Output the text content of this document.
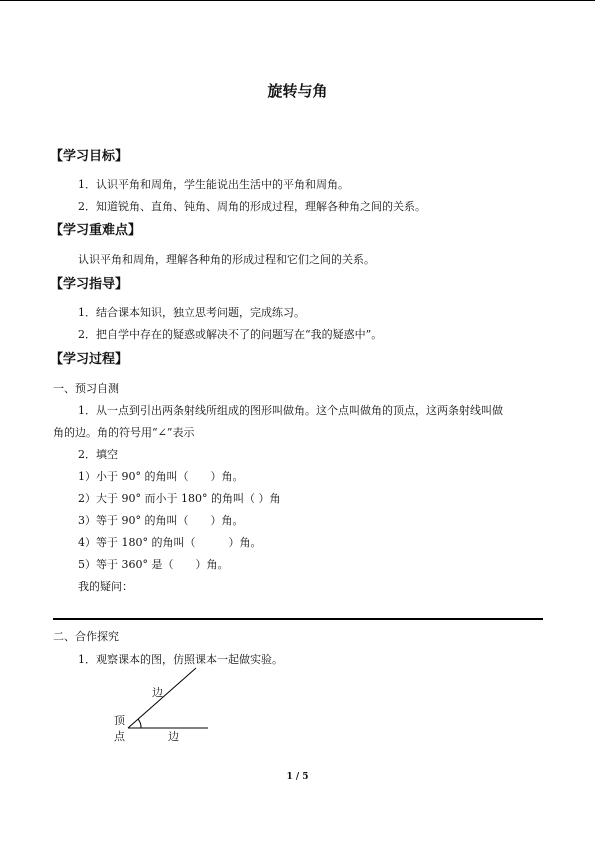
旋转与角
【学习目标】
1．认识平角和周角，学生能说出生活中的平角和周角。
2．知道锐角、直角、钝角、周角的形成过程，理解各种角之间的关系。
【学习重难点】
认识平角和周角，理解各种角的形成过程和它们之间的关系。
【学习指导】
1．结合课本知识，独立思考问题，完成练习。
2．把自学中存在的疑惑或解决不了的问题写在“我的疑惑中”。
【学习过程】
一、预习自测
1．从一点到引出两条射线所组成的图形叫做角。这个点叫做角的顶点，这两条射线叫做
角的边。角的符号用“∠”表示
2．填空
1）小于 90° 的角叫（　　）角。
2）大于 90° 而小于 180° 的角叫（ ）角
3）等于 90° 的角叫（　　）角。
4）等于 180° 的角叫（　　　）角。
5）等于 360° 是（　　）角。
我的疑问：
二、合作探究
1．观察课本的图，仿照课本一起做实验。
边
顶
点	边
1 / 5
